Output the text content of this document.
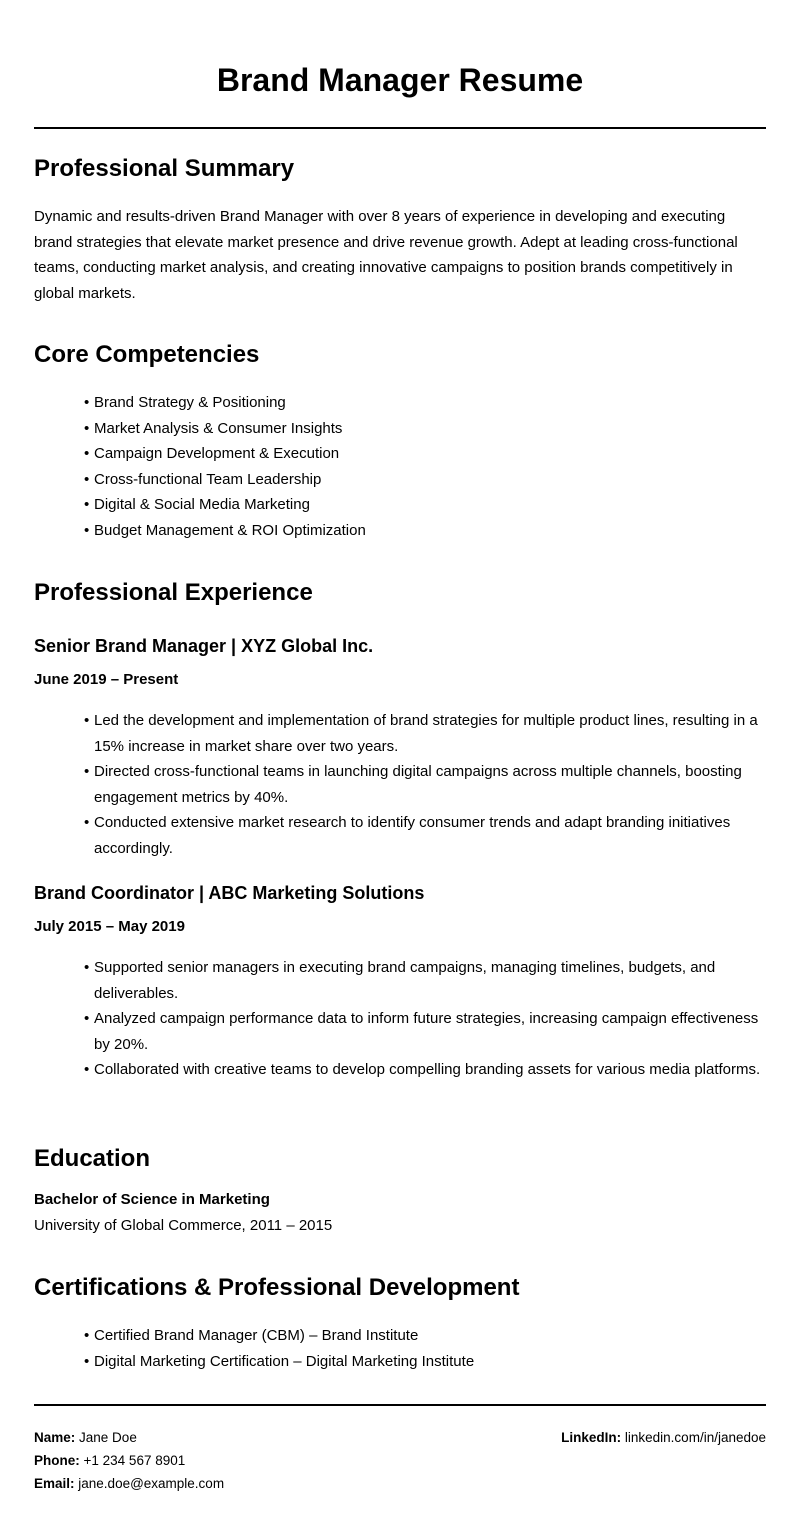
Brand Manager Resume
Professional Summary
Dynamic and results-driven Brand Manager with over 8 years of experience in developing and executing brand strategies that elevate market presence and drive revenue growth. Adept at leading cross-functional teams, conducting market analysis, and creating innovative campaigns to position brands competitively in global markets.
Core Competencies
• Brand Strategy & Positioning
• Market Analysis & Consumer Insights
• Campaign Development & Execution
• Cross-functional Team Leadership
• Digital & Social Media Marketing
• Budget Management & ROI Optimization
Professional Experience
Senior Brand Manager | XYZ Global Inc.
June 2019 – Present
• Led the development and implementation of brand strategies for multiple product lines, resulting in a 15% increase in market share over two years.
• Directed cross-functional teams in launching digital campaigns across multiple channels, boosting engagement metrics by 40%.
• Conducted extensive market research to identify consumer trends and adapt branding initiatives accordingly.
Brand Coordinator | ABC Marketing Solutions
July 2015 – May 2019
• Supported senior managers in executing brand campaigns, managing timelines, budgets, and deliverables.
• Analyzed campaign performance data to inform future strategies, increasing campaign effectiveness by 20%.
• Collaborated with creative teams to develop compelling branding assets for various media platforms.
Education
Bachelor of Science in Marketing
University of Global Commerce, 2011 – 2015
Certifications & Professional Development
• Certified Brand Manager (CBM) – Brand Institute
• Digital Marketing Certification – Digital Marketing Institute
Name: Jane Doe
Phone: +1 234 567 8901
Email: jane.doe@example.com
LinkedIn: linkedin.com/in/janedoe
